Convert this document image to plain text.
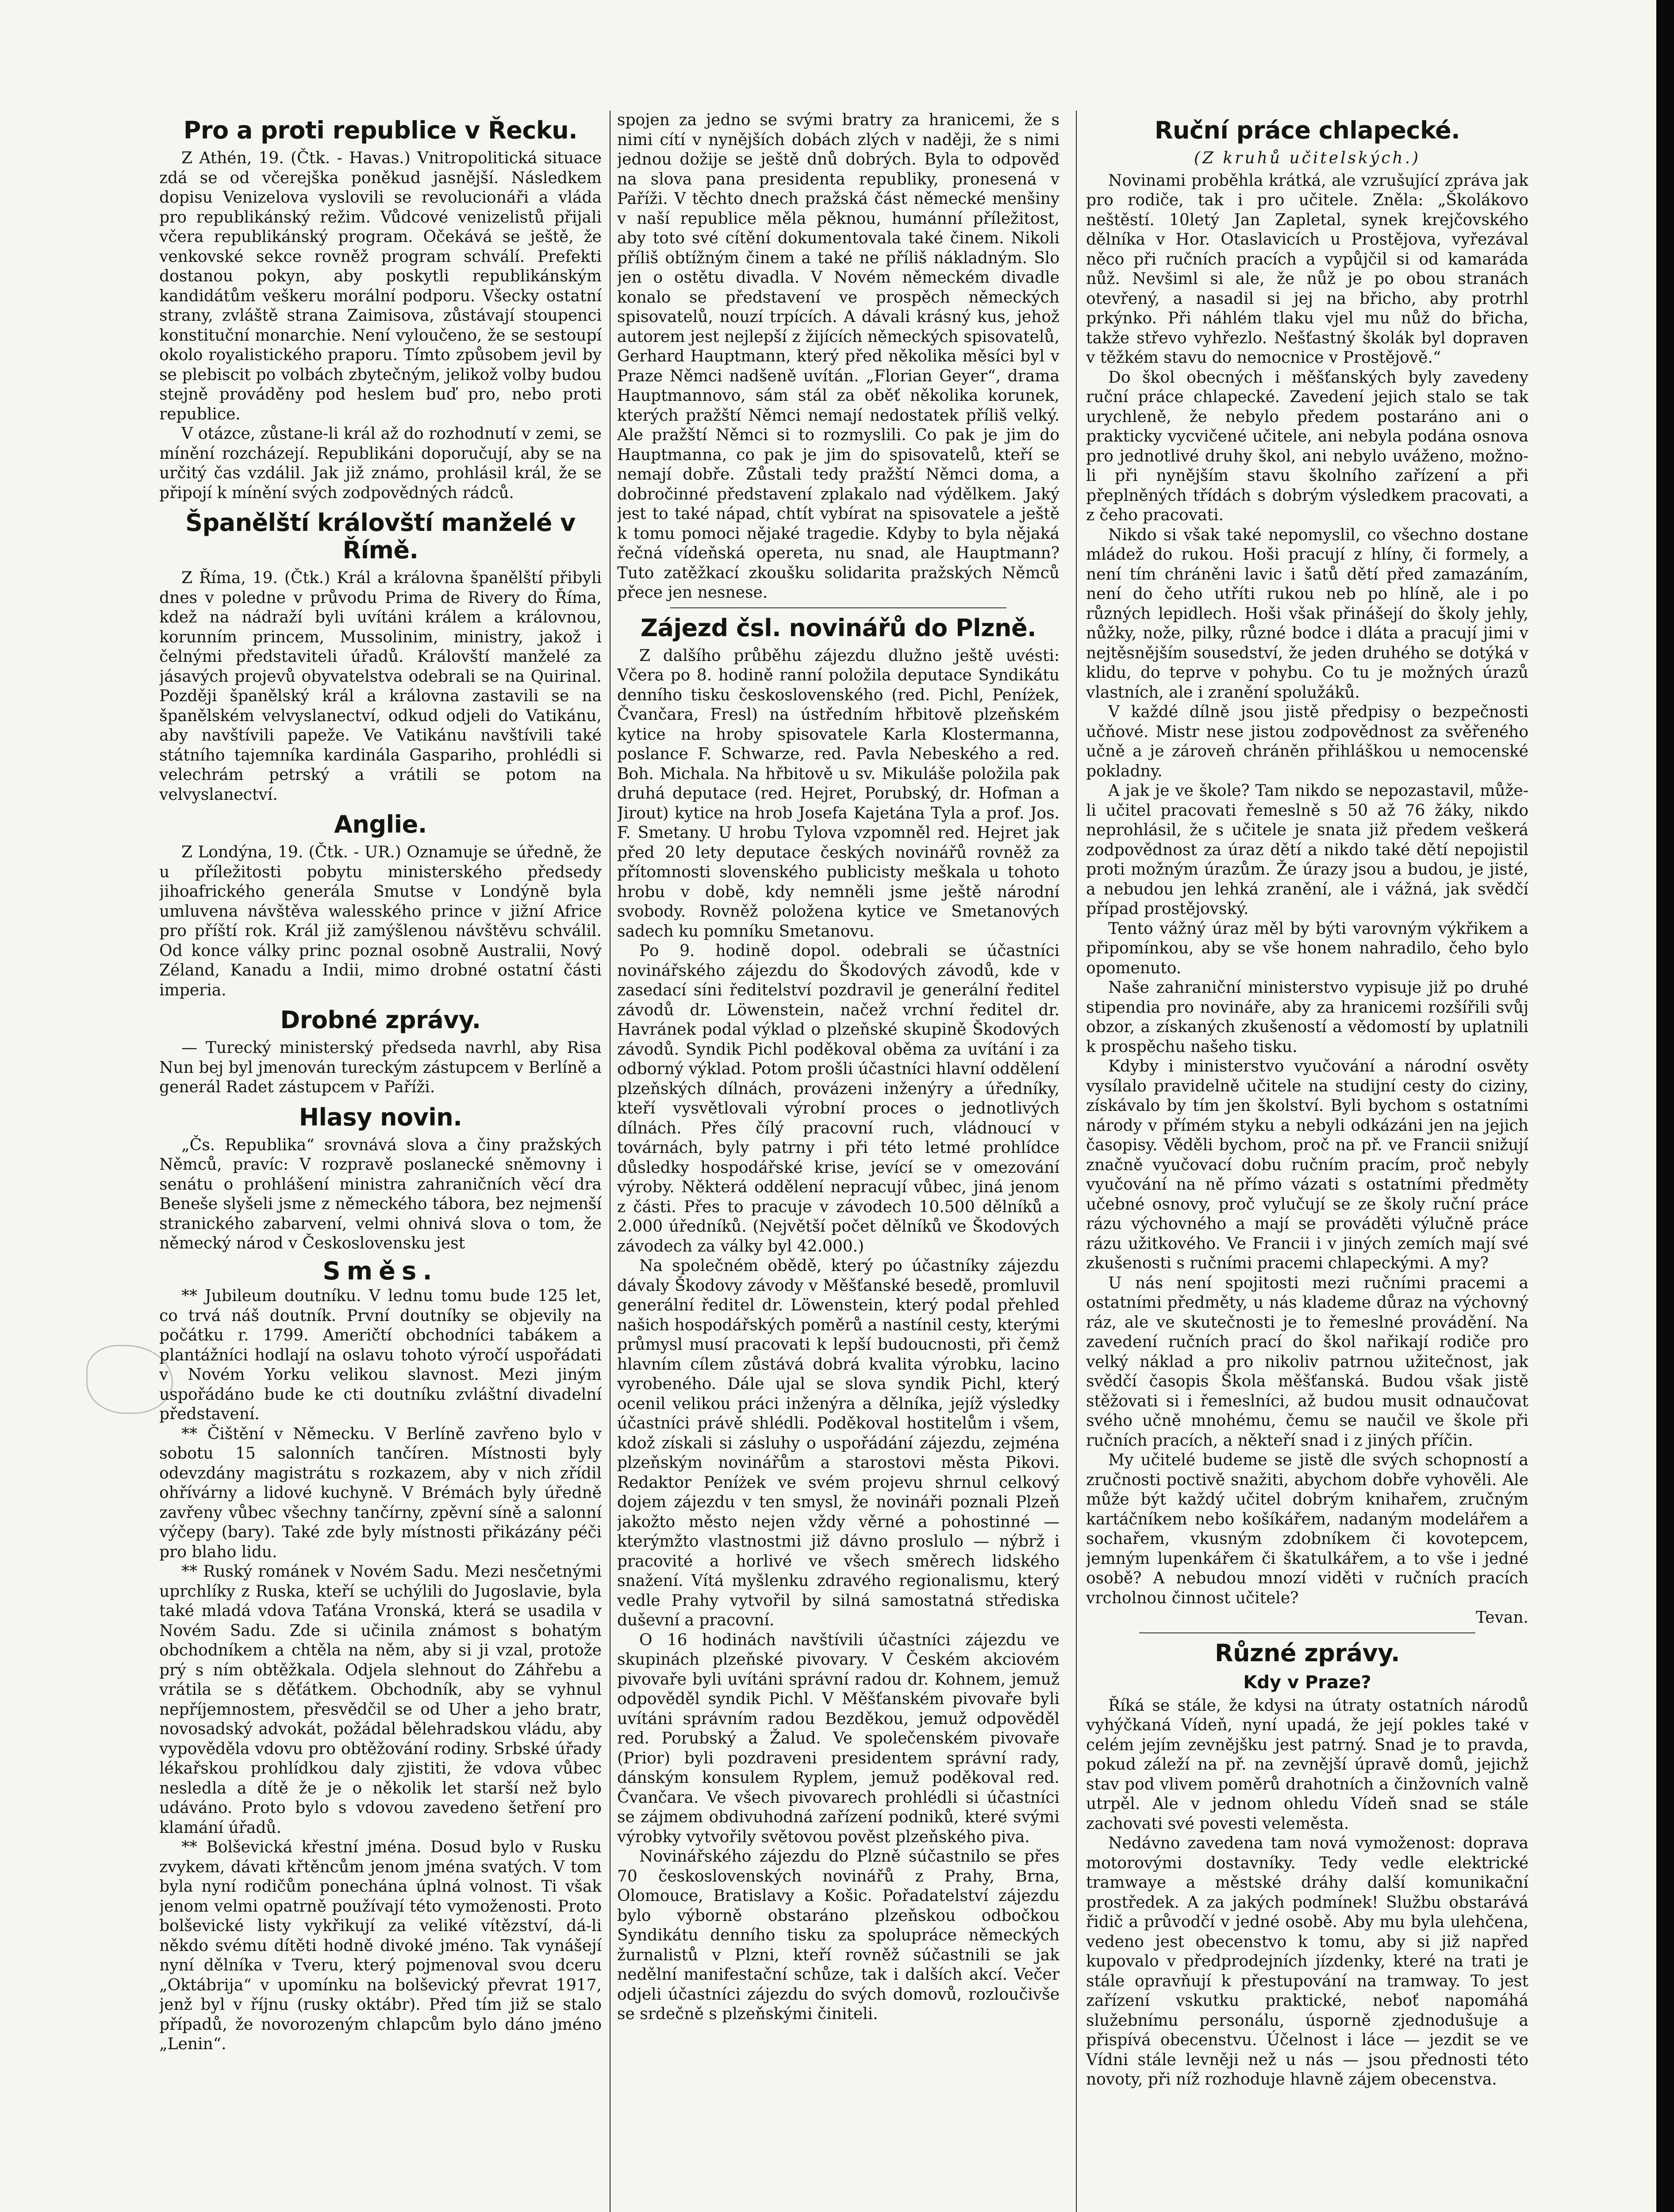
Pro a proti republice v Řecku.

Z Athén, 19. (Čtk. - Havas.) Vnitropolitická situace zdá se od včerejška poněkud jasnější. Následkem dopisu Venizelova vyslovili se revolucionáři a vláda pro republikánský režim. Vůdcové venizelistů přijali včera republikánský program. Očekává se ještě, že venkovské sekce rovněž program schválí. Prefekti dostanou pokyn, aby poskytli republikánským kandidátům veškeru morální podporu. Všecky ostatní strany, zvláště strana Zaimisova, zůstávají stoupenci konstituční monarchie. Není vyloučeno, že se sestoupí okolo royalistického praporu. Tímto způsobem jevil by se plebiscit po volbách zbytečným, jelikož volby budou stejně prováděny pod heslem buď pro, nebo proti republice.

V otázce, zůstane-li král až do rozhodnutí v zemi, se mínění rozcházejí. Republikáni doporučují, aby se na určitý čas vzdálil. Jak již známo, prohlásil král, že se připojí k mínění svých zodpovědných rádců.

Španělští královští manželé v Římě.

Z Říma, 19. (Čtk.) Král a královna španělští přibyli dnes v poledne v průvodu Prima de Rivery do Říma, kdež na nádraží byli uvítáni králem a královnou, korunním princem, Mussolinim, ministry, jakož i čelnými představiteli úřadů. Královští manželé za jásavých projevů obyvatelstva odebrali se na Quirinal. Později španělský král a královna zastavili se na španělském velvyslanectví, odkud odjeli do Vatikánu, aby navštívili papeže. Ve Vatikánu navštívili také státního tajemníka kardinála Gaspariho, prohlédli si velechrám petrský a vrátili se potom na velvyslanectví.

Anglie.

Z Londýna, 19. (Čtk. - UR.) Oznamuje se úředně, že u příležitosti pobytu ministerského předsedy jihoafrického generála Smutse v Londýně byla umluvena návštěva walesského prince v jižní Africe pro příští rok. Král již zamýšlenou návštěvu schválil. Od konce války princ poznal osobně Australii, Nový Zéland, Kanadu a Indii, mimo drobné ostatní části imperia.

Drobné zprávy.

— Turecký ministerský předseda navrhl, aby Risa Nun bej byl jmenován tureckým zástupcem v Berlíně a generál Radet zástupcem v Paříži.

Hlasy novin.

„Čs. Republika“ srovnává slova a činy pražských Němců, pravíc: V rozpravě poslanecké sněmovny i senátu o prohlášení ministra zahraničních věcí dra Beneše slyšeli jsme z německého tábora, bez nejmenší stranického zabarvení, velmi ohnivá slova o tom, že německý národ v Československu jest

Směs.

** Jubileum doutníku. V lednu tomu bude 125 let, co trvá náš doutník. První doutníky se objevily na počátku r. 1799. Američtí obchodníci tabákem a plantážníci hodlají na oslavu tohoto výročí uspořádati v Novém Yorku velikou slavnost. Mezi jiným uspořádáno bude ke cti doutníku zvláštní divadelní představení.

** Čištění v Německu. V Berlíně zavřeno bylo v sobotu 15 salonních tančíren. Místnosti byly odevzdány magistrátu s rozkazem, aby v nich zřídil ohřívárny a lidové kuchyně. V Brémách byly úředně zavřeny vůbec všechny tančírny, zpěvní síně a salonní výčepy (bary). Také zde byly místnosti přikázány péči pro blaho lidu.

** Ruský románek v Novém Sadu. Mezi nesčetnými uprchlíky z Ruska, kteří se uchýlili do Jugoslavie, byla také mladá vdova Taťána Vronská, která se usadila v Novém Sadu. Zde si učinila známost s bohatým obchodníkem a chtěla na něm, aby si ji vzal, protože prý s ním obtěžkala. Odjela slehnout do Záhřebu a vrátila se s děťátkem. Obchodník, aby se vyhnul nepříjemnostem, přesvědčil se od Uher a jeho bratr, novosadský advokát, požádal bělehradskou vládu, aby vypověděla vdovu pro obtěžování rodiny. Srbské úřady lékařskou prohlídkou daly zjistiti, že vdova vůbec nesledla a dítě že je o několik let starší než bylo udáváno. Proto bylo s vdovou zavedeno šetření pro klamání úřadů.

** Bolševická křestní jména. Dosud bylo v Rusku zvykem, dávati křtěncům jenom jména svatých. V tom byla nyní rodičům ponechána úplná volnost. Ti však jenom velmi opatrně používají této vymoženosti. Proto bolševické listy vykřikují za veliké vítězství, dá-li někdo svému dítěti hodně divoké jméno. Tak vynášejí nyní dělníka v Tveru, který pojmenoval svou dceru „Oktábrija“ v upomínku na bolševický převrat 1917, jenž byl v říjnu (rusky oktábr). Před tím již se stalo případů, že novorozeným chlapcům bylo dáno jméno „Lenin“.

spojen za jedno se svými bratry za hranicemi, že s nimi cítí v nynějších dobách zlých v naději, že s nimi jednou dožije se ještě dnů dobrých. Byla to odpověď na slova pana presidenta republiky, pronesená v Paříži. V těchto dnech pražská část německé menšiny v naší republice měla pěknou, humánní příležitost, aby toto své cítění dokumentovala také činem. Nikoli příliš obtížným činem a také ne příliš nákladným. Slo jen o ostětu divadla. V Novém německém divadle konalo se představení ve prospěch německých spisovatelů, nouzí trpících. A dávali krásný kus, jehož autorem jest nejlepší z žijících německých spisovatelů, Gerhard Hauptmann, který před několika měsíci byl v Praze Němci nadšeně uvítán. „Florian Geyer“, drama Hauptmannovo, sám stál za oběť několika korunek, kterých pražští Němci nemají nedostatek příliš velký. Ale pražští Němci si to rozmyslili. Co pak je jim do Hauptmanna, co pak je jim do spisovatelů, kteří se nemají dobře. Zůstali tedy pražští Němci doma, a dobročinné představení zplakalo nad výdělkem. Jaký jest to také nápad, chtít vybírat na spisovatele a ještě k tomu pomoci nějaké tragedie. Kdyby to byla nějaká řečná vídeňská opereta, nu snad, ale Hauptmann? Tuto zatěžkací zkoušku solidarita pražských Němců přece jen nesnese.

Zájezd čsl. novinářů do Plzně.

Z dalšího průběhu zájezdu dlužno ještě uvésti: Včera po 8. hodině ranní položila deputace Syndikátu denního tisku československého (red. Pichl, Peníżek, Čvančara, Fresl) na ústředním hřbitově plzeňském kytice na hroby spisovatele Karla Klostermanna, poslance F. Schwarze, red. Pavla Nebeského a red. Boh. Michala. Na hřbitově u sv. Mikuláše položila pak druhá deputace (red. Hejret, Porubský, dr. Hofman a Jirout) kytice na hrob Josefa Kajetána Tyla a prof. Jos. F. Smetany. U hrobu Tylova vzpomněl red. Hejret jak před 20 lety deputace českých novinářů rovněž za přítomnosti slovenského publicisty meškala u tohoto hrobu v době, kdy nemněli jsme ještě národní svobody. Rovněž položena kytice ve Smetanových sadech ku pomníku Smetanovu.

Po 9. hodině dopol. odebrali se účastníci novinářského zájezdu do Škodových závodů, kde v zasedací síni ředitelství pozdravil je generální ředitel závodů dr. Löwenstein, načež vrchní ředitel dr. Havránek podal výklad o plzeňské skupině Škodových závodů. Syndik Pichl poděkoval oběma za uvítání i za odborný výklad. Potom prošli účastníci hlavní oddělení plzeňských dílnách, provázeni inženýry a úředníky, kteří vysvětlovali výrobní proces o jednotlivých dílnách. Přes čílý pracovní ruch, vládnoucí v továrnách, byly patrny i při této letmé prohlídce důsledky hospodářské krise, jevící se v omezování výroby. Některá oddělení nepracují vůbec, jiná jenom z části. Přes to pracuje v závodech 10.500 dělníků a 2.000 úředníků. (Největší počet dělníků ve Škodových závodech za války byl 42.000.)

Na společném obědě, který po účastníky zájezdu dávaly Škodovy závody v Měšťanské besedě, promluvil generální ředitel dr. Löwenstein, který podal přehled našich hospodářských poměrů a nastínil cesty, kterými průmysl musí pracovati k lepší budoucnosti, při čemž hlavním cílem zůstává dobrá kvalita výrobku, lacino vyrobeného. Dále ujal se slova syndik Pichl, který ocenil velikou práci inženýra a dělníka, jejíž výsledky účastníci právě shlédli. Poděkoval hostitelům i všem, kdož získali si zásluhy o uspořádání zájezdu, zejména plzeňským novinářům a starostovi města Pikovi. Redaktor Peníżek ve svém projevu shrnul celkový dojem zájezdu v ten smysl, že novináři poznali Plzeň jakožto město nejen vždy věrné a pohostinné — kterýmžto vlastnostmi již dávno proslulo — nýbrž i pracovité a horlivé ve všech směrech lidského snažení. Vítá myšlenku zdravého regionalismu, který vedle Prahy vytvořil by silná samostatná střediska duševní a pracovní.

O 16 hodinách navštívili účastníci zájezdu ve skupinách plzeňské pivovary. V Českém akciovém pivovaře byli uvítáni správní radou dr. Kohnem, jemuž odpověděl syndik Pichl. V Měšťanském pivovaře byli uvítáni správním radou Bezděkou, jemuž odpověděl red. Porubský a Žalud. Ve společenském pivovaře (Prior) byli pozdraveni presidentem správní rady, dánským konsulem Ryplem, jemuž poděkoval red. Čvančara. Ve všech pivovarech prohlédli si účastníci se zájmem obdivuhodná zařízení podniků, které svými výrobky vytvořily světovou pověst plzeňského piva.

Novinářského zájezdu do Plzně súčastnilo se přes 70 československých novinářů z Prahy, Brna, Olomouce, Bratislavy a Košic. Pořadatelství zájezdu bylo výborně obstaráno plzeňskou odbočkou Syndikátu denního tisku za spolupráce německých žurnalistů v Plzni, kteří rovněž súčastnili se jak nedělní manifestační schůze, tak i dalších akcí. Večer odjeli účastníci zájezdu do svých domovů, rozloučivše se srdečně s plzeňskými činiteli.

Ruční práce chlapecké.
(Z kruhů učitelských.)

Novinami proběhla krátká, ale vzrušující zpráva jak pro rodiče, tak i pro učitele. Zněla: „Školákovo neštěstí. 10letý Jan Zapletal, synek krejčovského dělníka v Hor. Otaslavicích u Prostějova, vyřezával něco při ručních pracích a vypůjčil si od kamaráda nůž. Nevšiml si ale, že nůž je po obou stranách otevřený, a nasadil si jej na břicho, aby protrhl prkýnko. Při náhlém tlaku vjel mu nůž do břicha, takže střevo vyhřezlo. Nešťastný školák byl dopraven v těžkém stavu do nemocnice v Prostějově.“

Do škol obecných i měšťanských byly zavedeny ruční práce chlapecké. Zavedení jejich stalo se tak urychleně, že nebylo předem postaráno ani o prakticky vycvičené učitele, ani nebyla podána osnova pro jednotlivé druhy škol, ani nebylo uváženo, možno-li při nynějším stavu školního zařízení a při přeplněných třídách s dobrým výsledkem pracovati, a z čeho pracovati.

Nikdo si však také nepomyslil, co všechno dostane mládež do rukou. Hoši pracují z hlíny, či formely, a není tím chráněni lavic i šatů dětí před zamazáním, není do čeho utříti rukou neb po hlíně, ale i po různých lepidlech. Hoši však přinášejí do školy jehly, nůžky, nože, pilky, různé bodce i dláta a pracují jimi v nejtěsnějším sousedství, že jeden druhého se dotýká v klidu, do teprve v pohybu. Co tu je možných úrazů vlastních, ale i zranění spolužáků.

V každé dílně jsou jistě předpisy o bezpečnosti učňové. Mistr nese jistou zodpovědnost za svěřeného učně a je zároveň chráněn přihláškou u nemocenské pokladny.

A jak je ve škole? Tam nikdo se nepozastavil, může-li učitel pracovati řemeslně s 50 až 76 žáky, nikdo neprohlásil, že s učitele je snata již předem veškerá zodpovědnost za úraz dětí a nikdo také dětí nepojistil proti možným úrazům. Že úrazy jsou a budou, je jisté, a nebudou jen lehká zranění, ale i vážná, jak svědčí případ prostějovský.

Tento vážný úraz měl by býti varovným výkřikem a připomínkou, aby se vše honem nahradilo, čeho bylo opomenuto.

Naše zahraniční ministerstvo vypisuje již po druhé stipendia pro novináře, aby za hranicemi rozšířili svůj obzor, a získaných zkušeností a vědomostí by uplatnili k prospěchu našeho tisku.

Kdyby i ministerstvo vyučování a národní osvěty vysílalo pravidelně učitele na studijní cesty do ciziny, získávalo by tím jen školství. Byli bychom s ostatními národy v přímém styku a nebyli odkázáni jen na jejich časopisy. Věděli bychom, proč na př. ve Francii snižují značně vyučovací dobu ručním pracím, proč nebyly vyučování na ně přímo vázati s ostatními předměty učebné osnovy, proč vylučují se ze školy ruční práce rázu výchovného a mají se prováděti výlučně práce rázu užitkového. Ve Francii i v jiných zemích mají své zkušenosti s ručními pracemi chlapeckými. A my?

U nás není spojitosti mezi ručními pracemi a ostatními předměty, u nás klademe důraz na výchovný ráz, ale ve skutečnosti je to řemeslné provádění. Na zavedení ručních prací do škol nařikají rodiče pro velký náklad a pro nikoliv patrnou užitečnost, jak svědčí časopis Škola měšťanská. Budou však jistě stěžovati si i řemeslníci, až budou musit odnaučovat svého učně mnohému, čemu se naučil ve škole při ručních pracích, a někteří snad i z jiných příčin.

My učitelé budeme se jistě dle svých schopností a zručnosti poctivě snažiti, abychom dobře vyhověli. Ale může být každý učitel dobrým knihařem, zručným kartáčníkem nebo košíkářem, nadaným modelářem a sochařem, vkusným zdobníkem či kovotepcem, jemným lupenkářem či škatulkářem, a to vše i jedné osobě? A nebudou mnozí viděti v ručních pracích vrcholnou činnost učitele?

Tevan.

Různé zprávy.
Kdy v Praze?

Říká se stále, že kdysi na útraty ostatních národů vyhýčkaná Vídeň, nyní upadá, že její pokles také v celém jejím zevnějšku jest patrný. Snad je to pravda, pokud záleží na př. na zevnější úpravě domů, jejichž stav pod vlivem poměrů drahotních a činžovních valně utrpěl. Ale v jednom ohledu Vídeň snad se stále zachovati své povesti veleměsta.

Nedávno zavedena tam nová vymoženost: doprava motorovými dostavníky. Tedy vedle elektrické tramwaye a městské dráhy další komunikační prostředek. A za jakých podmínek! Službu obstarává řidič a průvodčí v jedné osobě. Aby mu byla ulehčena, vedeno jest obecenstvo k tomu, aby si již napřed kupovalo v předprodejních jízdenky, které na trati je stále opravňují k přestupování na tramway. To jest zařízení vskutku praktické, neboť napomáhá služebnímu personálu, úsporně zjednodušuje a přispívá obecenstvu. Účelnost i láce — jezdit se ve Vídni stále levněji než u nás — jsou přednosti této novoty, při níž rozhoduje hlavně zájem obecenstva.
